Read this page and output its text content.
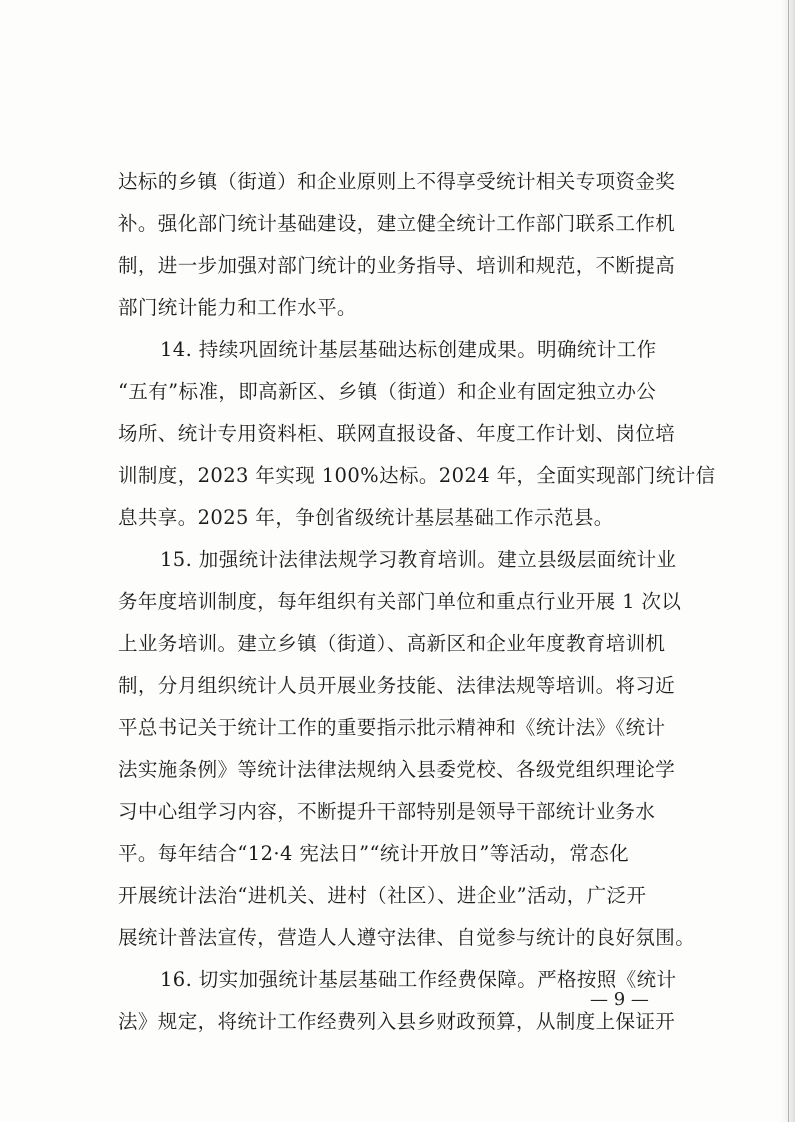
达标的乡镇（街道）和企业原则上不得享受统计相关专项资金奖
补。强化部门统计基础建设，建立健全统计工作部门联系工作机
制，进一步加强对部门统计的业务指导、培训和规范，不断提高
部门统计能力和工作水平。
14. 持续巩固统计基层基础达标创建成果。明确统计工作
“五有”标准，即高新区、乡镇（街道）和企业有固定独立办公
场所、统计专用资料柜、联网直报设备、年度工作计划、岗位培
训制度，2023 年实现 100%达标。2024 年，全面实现部门统计信
息共享。2025 年，争创省级统计基层基础工作示范县。
15. 加强统计法律法规学习教育培训。建立县级层面统计业
务年度培训制度，每年组织有关部门单位和重点行业开展 1 次以
上业务培训。建立乡镇（街道）、高新区和企业年度教育培训机
制，分月组织统计人员开展业务技能、法律法规等培训。将习近
平总书记关于统计工作的重要指示批示精神和《统计法》《统计
法实施条例》等统计法律法规纳入县委党校、各级党组织理论学
习中心组学习内容，不断提升干部特别是领导干部统计业务水
平。每年结合“12·4 宪法日”“统计开放日”等活动，常态化
开展统计法治“进机关、进村（社区）、进企业”活动，广泛开
展统计普法宣传，营造人人遵守法律、自觉参与统计的良好氛围。
16. 切实加强统计基层基础工作经费保障。严格按照《统计
法》规定，将统计工作经费列入县乡财政预算，从制度上保证开
— 9 —
